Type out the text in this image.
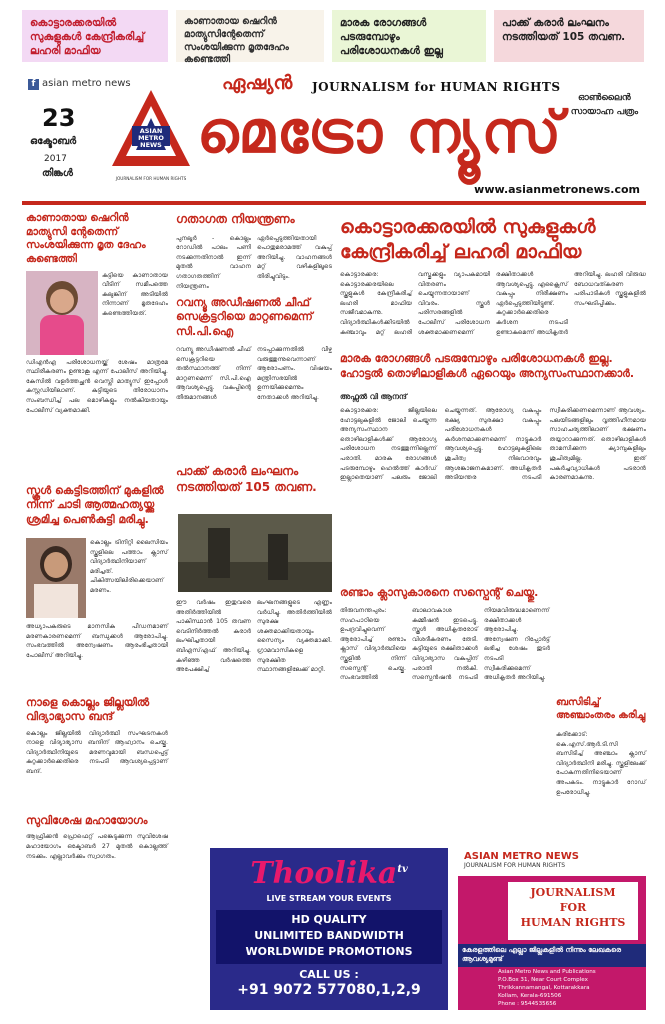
കൊട്ടാരക്കരയിൽ സുകുളുകൾ കേന്ദ്രീകരിച്ച് ലഹരി മാഫിയ
കാണാതായ ഷെറിൻ മാത്യുസിന്റേതെന്ന് സംശയിക്കുന്ന മൃതദേഹം കണ്ടെത്തി
മാരക രോഗങ്ങൾ പടരുമ്പോഴും പരിശോധനകൾ ഇല്ല
പാക്ക് കരാർ ലംഘനം നടത്തിയത് 105 തവണ.
f asian metro news
23
ഒക്ടോബർ
2017
തിങ്കൾ
ASIAN
METRO
NEWS
JOURNALISM FOR HUMAN RIGHTS
ഏഷ്യൻ JOURNALISM for HUMAN RIGHTS
മെട്രോ ന്യൂസ്	ഓൺലൈൻ
സായാഹ്ന പത്രം
www.asianmetronews.com
കാണാതായ ഷെറിൻ മാത്യുസി ന്റേതെന്ന് സംശയിക്കുന്ന മൃത ദേഹം കണ്ടെത്തി
കുട്ടിയെ കാണാതായ വീടിന് സമീപത്തെ കലുങ്കിന് അടിയിൽ നിന്നാണ് മൃതദേഹം കണ്ടെത്തിയത്.
ഡിഎൻഎ പരിശോധനയ്ക്ക് ശേഷം മാത്രമേ സ്ഥിരീകരണം ഉണ്ടാകൂ എന്ന് പോലീസ് അറിയിച്ചു. കേസിൽ വളർത്തച്ഛൻ വെസ്ലി മാത്യുസ് ഇപ്പോൾ കസ്റ്റഡിയിലാണ്. കുട്ടിയുടെ തിരോധാനം സംബന്ധിച്ച് പല മൊഴികളും നൽകിയതായും പോലീസ് വ്യക്തമാക്കി.
സ്കൂൾ കെട്ടിടത്തിന് മുകളിൽ നിന്ന് ചാടി ആത്മഹത്യയ്ക്കു ശ്രമിച്ച പെൺകുട്ടി മരിച്ചു.
കൊല്ലം ട്രിനിറ്റി ലൈസിയം സ്കൂളിലെ പത്താം ക്ലാസ് വിദ്യാർത്ഥിനിയാണ് മരിച്ചത്. ചികിത്സയിലിരിക്കെയാണ് മരണം.
അധ്യാപകരുടെ മാനസിക പീഡനമാണ് മരണകാരണമെന്ന് ബന്ധുക്കൾ ആരോപിച്ചു. സംഭവത്തിൽ അന്വേഷണം ആരംഭിച്ചതായി പോലീസ് അറിയിച്ചു.
നാളെ കൊല്ലം ജില്ലയിൽ വിദ്യാഭ്യാസ ബന്ദ്
കൊല്ലം ജില്ലയിൽ വിദ്യാർത്ഥി സംഘടനകൾ നാളെ വിദ്യാഭ്യാസ ബന്ദിന് ആഹ്വാനം ചെയ്തു. വിദ്യാർത്ഥിനിയുടെ മരണവുമായി ബന്ധപ്പെട്ട് കുറ്റക്കാർക്കെതിരെ നടപടി ആവശ്യപ്പെട്ടാണ് ബന്ദ്.
സുവിശേഷ മഹായോഗം
ആഫ്രിക്കൻ പ്രൊഫെറ്റ് പങ്കെടുക്കുന്ന സുവിശേഷ മഹായോഗം ഒക്ടോബർ 27 മുതൽ കൊല്ലത്ത് നടക്കും. എല്ലാവർക്കും സ്വാഗതം.
ഗതാഗത നിയന്ത്രണം
പുനലൂർ - കൊല്ലം റോഡിൽ പാലം പണി നടക്കുന്നതിനാൽ ഇന്ന് മുതൽ വാഹന ഗതാഗതത്തിന് നിയന്ത്രണം ഏർപ്പെടുത്തിയതായി പൊതുമരാമത്ത് വകുപ്പ് അറിയിച്ചു. വാഹനങ്ങൾ മറ്റ് വഴികളിലൂടെ തിരിച്ചുവിടും.
റവന്യൂ അഡീഷണൽ ചീഫ് സെക്രട്ടറിയെ മാറ്റണമെന്ന് സി.പി.ഐ
റവന്യൂ അഡീഷണൽ ചീഫ് സെക്രട്ടറിയെ തൽസ്ഥാനത്ത് നിന്ന് മാറ്റണമെന്ന് സി.പി.ഐ ആവശ്യപ്പെട്ടു. വകുപ്പിന്റെ തീരുമാനങ്ങൾ നടപ്പാക്കുന്നതിൽ വീഴ്ച വരുത്തുന്നുവെന്നാണ് ആരോപണം. വിഷയം മന്ത്രിസഭയിൽ ഉന്നയിക്കുമെന്നും നേതാക്കൾ അറിയിച്ചു.
പാക്ക് കരാർ ലംഘനം നടത്തിയത് 105 തവണ.
ഈ വർഷം ഇതുവരെ അതിർത്തിയിൽ പാകിസ്ഥാൻ 105 തവണ വെടിനിർത്തൽ കരാർ ലംഘിച്ചതായി ബിഎസ്എഫ് അറിയിച്ചു. കഴിഞ്ഞ വർഷത്തെ അപേക്ഷിച്ച് ലംഘനങ്ങളുടെ എണ്ണം വർധിച്ചു. അതിർത്തിയിൽ സുരക്ഷ ശക്തമാക്കിയതായും സൈന്യം വ്യക്തമാക്കി. ഗ്രാമവാസികളെ സുരക്ഷിത സ്ഥാനങ്ങളിലേക്ക് മാറ്റി.
കൊട്ടാരക്കരയിൽ സുകുളുകൾ കേന്ദ്രീകരിച്ച് ലഹരി മാഫിയ
കൊട്ടാരക്കര: കൊട്ടാരക്കരയിലെ സ്കൂളുകൾ കേന്ദ്രീകരിച്ച് ലഹരി മാഫിയ സജീവമാകുന്നു. വിദ്യാർത്ഥികൾക്കിടയിൽ കഞ്ചാവും മറ്റ് ലഹരി വസ്തുക്കളും വ്യാപകമായി വിതരണം ചെയ്യുന്നതായാണ് വിവരം. സ്കൂൾ പരിസരങ്ങളിൽ പോലീസ് പരിശോധന ശക്തമാക്കണമെന്ന് രക്ഷിതാക്കൾ ആവശ്യപ്പെട്ടു. എക്സൈസ് വകുപ്പും നിരീക്ഷണം ഏർപ്പെടുത്തിയിട്ടുണ്ട്. കുറ്റക്കാർക്കെതിരെ കർശന നടപടി ഉണ്ടാകുമെന്ന് അധികൃതർ അറിയിച്ചു. ലഹരി വിരുദ്ധ ബോധവത്കരണ പരിപാടികൾ സ്കൂളുകളിൽ സംഘടിപ്പിക്കും.
മാരക രോഗങ്ങൾ പടരുമ്പോഴും പരിശോധനകൾ ഇല്ല. ഹോട്ടൽ തൊഴിലാളികൾ ഏറെയും അന്യസംസ്ഥാനക്കാർ.
അഫ്സൽ വി ആനന്ദ്
കൊട്ടാരക്കര: ജില്ലയിലെ ഹോട്ടലുകളിൽ ജോലി ചെയ്യുന്ന അന്യസംസ്ഥാന തൊഴിലാളികൾക്ക് ആരോഗ്യ പരിശോധന നടത്തുന്നില്ലെന്ന് പരാതി. മാരക രോഗങ്ങൾ പടരുമ്പോഴും ഹെൽത്ത് കാർഡ് ഇല്ലാതെയാണ് പലരും ജോലി ചെയ്യുന്നത്. ആരോഗ്യ വകുപ്പും ഭക്ഷ്യ സുരക്ഷാ വകുപ്പും പരിശോധനകൾ കർശനമാക്കണമെന്ന് നാട്ടുകാർ ആവശ്യപ്പെട്ടു. ഹോട്ടലുകളിലെ ശുചിത്വ നിലവാരവും ആശങ്കാജനകമാണ്. അധികൃതർ അടിയന്തര നടപടി സ്വീകരിക്കണമെന്നാണ് ആവശ്യം. പലയിടങ്ങളിലും വൃത്തിഹീനമായ സാഹചര്യത്തിലാണ് ഭക്ഷണം തയ്യാറാക്കുന്നത്. തൊഴിലാളികൾ താമസിക്കുന്ന ക്യാമ്പുകളിലും ശുചിത്വമില്ല. ഇത് പകർച്ചവ്യാധികൾ പടരാൻ കാരണമാകുന്നു.
രണ്ടാം ക്ലാസുകാരനെ സസ്പെന്റ് ചെയ്തു.
തിരുവനന്തപുരം: സഹപാഠിയെ ഉപദ്രവിച്ചുവെന്ന് ആരോപിച്ച് രണ്ടാം ക്ലാസ് വിദ്യാർത്ഥിയെ സ്കൂളിൽ നിന്ന് സസ്പെന്റ് ചെയ്തു. സംഭവത്തിൽ ബാലാവകാശ കമ്മീഷൻ ഇടപെട്ടു. സ്കൂൾ അധികൃതരോട് വിശദീകരണം തേടി. കുട്ടിയുടെ രക്ഷിതാക്കൾ വിദ്യാഭ്യാസ വകുപ്പിന് പരാതി നൽകി. സസ്പെൻഷൻ നടപടി നിയമവിരുദ്ധമാണെന്ന് രക്ഷിതാക്കൾ ആരോപിച്ചു. അന്വേഷണ റിപ്പോർട്ട് ലഭിച്ച ശേഷം തുടർ നടപടി സ്വീകരിക്കുമെന്ന് അധികൃതർ അറിയിച്ചു.
ബസിടിച്ച് അഞ്ചാംതരം കരിച്ചു
കരിക്കോട്: കെ.എസ്.ആർ.ടി.സി ബസിടിച്ച് അഞ്ചാം ക്ലാസ് വിദ്യാർത്ഥിനി മരിച്ചു. സ്കൂളിലേക്ക് പോകുന്നതിനിടെയാണ് അപകടം. നാട്ടുകാർ റോഡ് ഉപരോധിച്ചു.
Thoolika$^{tv}$
LIVE STREAM YOUR EVENTS
HD QUALITY
UNLIMITED BANDWIDTH
WORLDWIDE PROMOTIONS
CALL US :
+91 9072 577080,1,2,9
ASIAN METRO NEWS
JOURNALISM FOR HUMAN RIGHTS
JOURNALISM
FOR
HUMAN RIGHTS
കേരളത്തിലെ എല്ലാ ജില്ലകളിൽ നിന്നും ലേഖകരെ ആവശ്യമുണ്ട്
Asian Metro News and Publications
P.O.Box 31, Near Court Complex
Thrikkannamangal, Kottarakkara
Kollam, Kerala-691506
Phone : 9544535656
